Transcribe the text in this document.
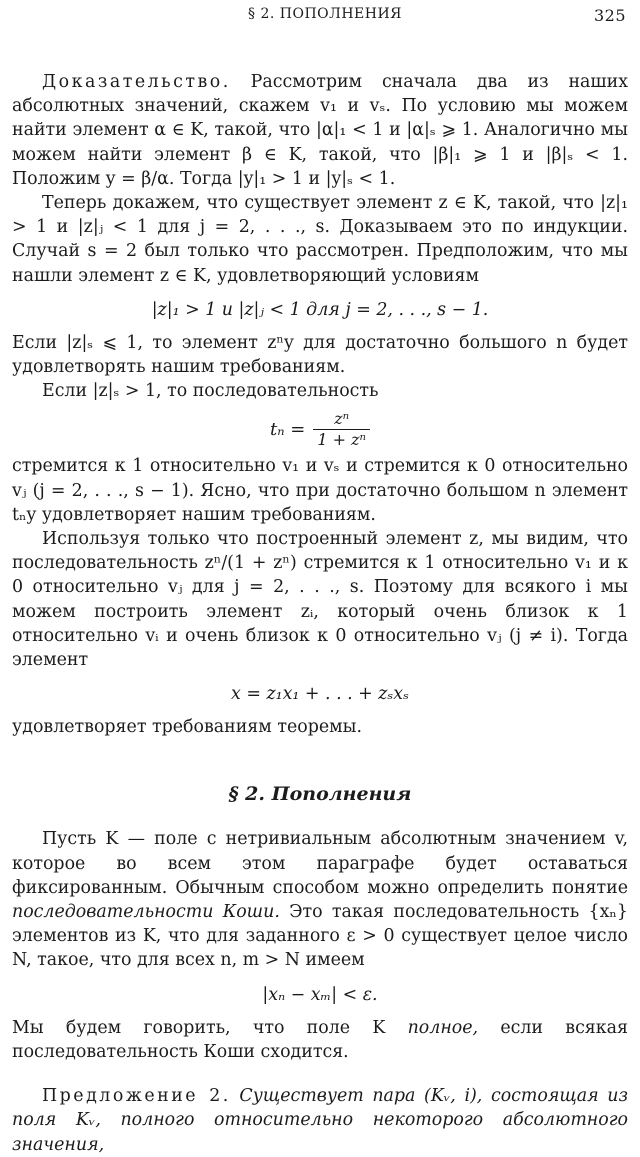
§ 2. ПОПОЛНЕНИЯ	325

Доказательство. Рассмотрим сначала два из наших абсолютных значений, скажем v₁ и vₛ. По условию мы можем найти элемент α ∈ K, такой, что |α|₁ < 1 и |α|ₛ ⩾ 1. Аналогично мы можем найти элемент β ∈ K, такой, что |β|₁ ⩾ 1 и |β|ₛ < 1. Положим y = β/α. Тогда |y|₁ > 1 и |y|ₛ < 1.

Теперь докажем, что существует элемент z ∈ K, такой, что |z|₁ > 1 и |z|ⱼ < 1 для j = 2, . . ., s. Доказываем это по индукции. Случай s = 2 был только что рассмотрен. Предположим, что мы нашли элемент z ∈ K, удовлетворяющий условиям

|z|₁ > 1 и |z|ⱼ < 1 для j = 2, . . ., s − 1.

Если |z|ₛ ⩽ 1, то элемент zⁿy для достаточно большого n будет удовлетворять нашим требованиям.

Если |z|ₛ > 1, то последовательность

$t_n = \frac{\text{zⁿ}}{\text{1 + zⁿ}}$

стремится к 1 относительно v₁ и vₛ и стремится к 0 относительно vⱼ (j = 2, . . ., s − 1). Ясно, что при достаточно большом n элемент tₙy удовлетворяет нашим требованиям.

Используя только что построенный элемент z, мы видим, что последовательность zⁿ/(1 + zⁿ) стремится к 1 относительно v₁ и к 0 относительно vⱼ для j = 2, . . ., s. Поэтому для всякого i мы можем построить элемент zᵢ, который очень близок к 1 относительно vᵢ и очень близок к 0 относительно vⱼ (j ≠ i). Тогда элемент

x = z₁x₁ + . . . + zₛxₛ

удовлетворяет требованиям теоремы.

§ 2. Пополнения

Пусть K — поле с нетривиальным абсолютным значением v, которое во всем этом параграфе будет оставаться фиксированным. Обычным способом можно определить понятие последовательности Коши. Это такая последовательность {xₙ} элементов из K, что для заданного ε > 0 существует целое число N, такое, что для всех n, m > N имеем

|xₙ − xₘ| < ε.

Мы будем говорить, что поле K полное, если всякая последовательность Коши сходится.

Предложение 2. Существует пара (Kᵥ, i), состоящая из поля Kᵥ, полного относительно некоторого абсолютного значения,
